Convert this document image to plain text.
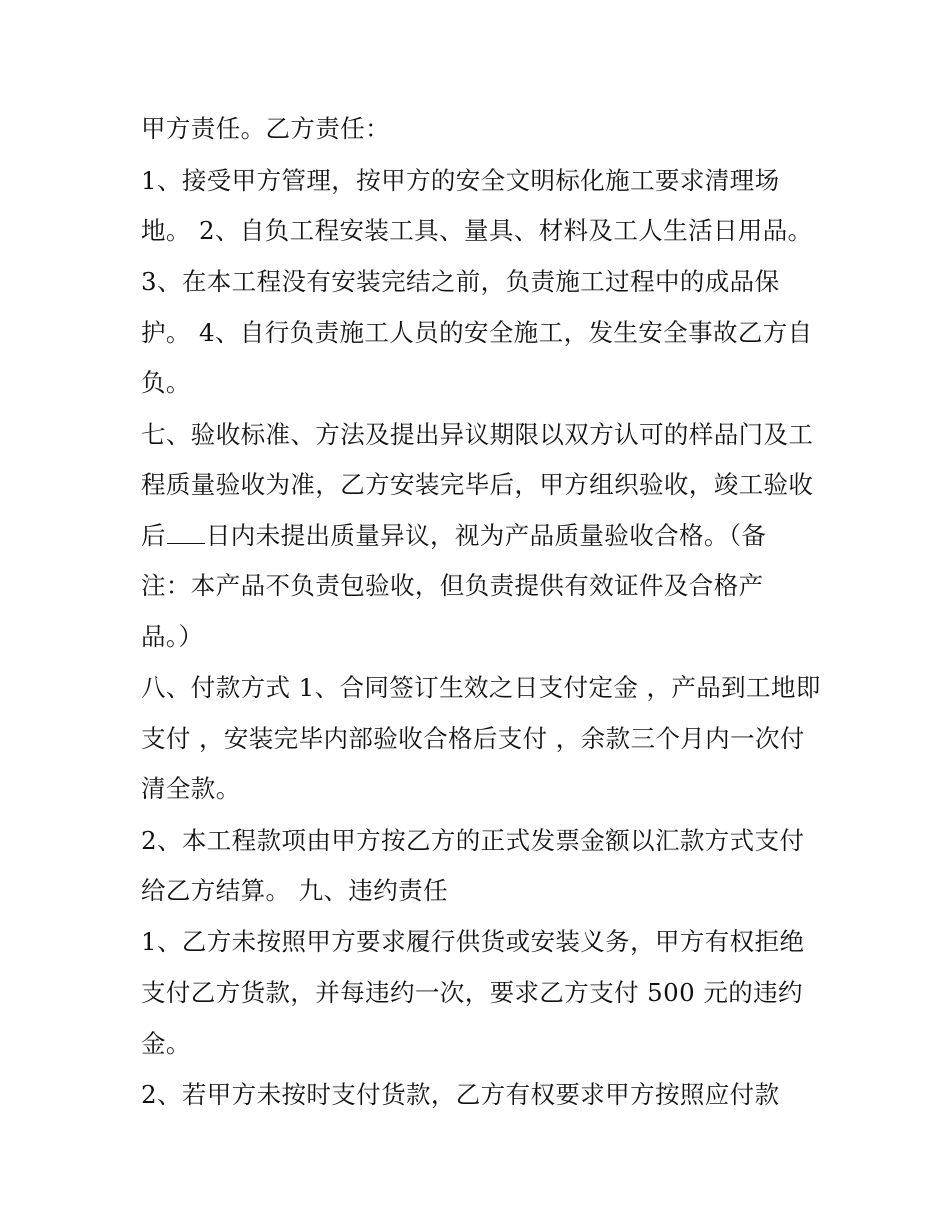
甲方责任。乙方责任：
1、接受甲方管理，按甲方的安全文明标化施工要求清理场
地。 2、自负工程安装工具、量具、材料及工人生活日用品。
3、在本工程没有安装完结之前，负责施工过程中的成品保
护。 4、自行负责施工人员的安全施工，发生安全事故乙方自
负。
七、验收标准、方法及提出异议期限以双方认可的样品门及工
程质量验收为准，乙方安装完毕后，甲方组织验收，竣工验收
后 日内未提出质量异议，视为产品质量验收合格。（备
注：本产品不负责包验收，但负责提供有效证件及合格产
品。）
八、付款方式 1、合同签订生效之日支付定金 ，产品到工地即
支付 ，安装完毕内部验收合格后支付 ，余款三个月内一次付
清全款。
2、本工程款项由甲方按乙方的正式发票金额以汇款方式支付
给乙方结算。 九、违约责任
1、乙方未按照甲方要求履行供货或安装义务，甲方有权拒绝
支付乙方货款，并每违约一次，要求乙方支付 500 元的违约
金。
2、若甲方未按时支付货款，乙方有权要求甲方按照应付款
